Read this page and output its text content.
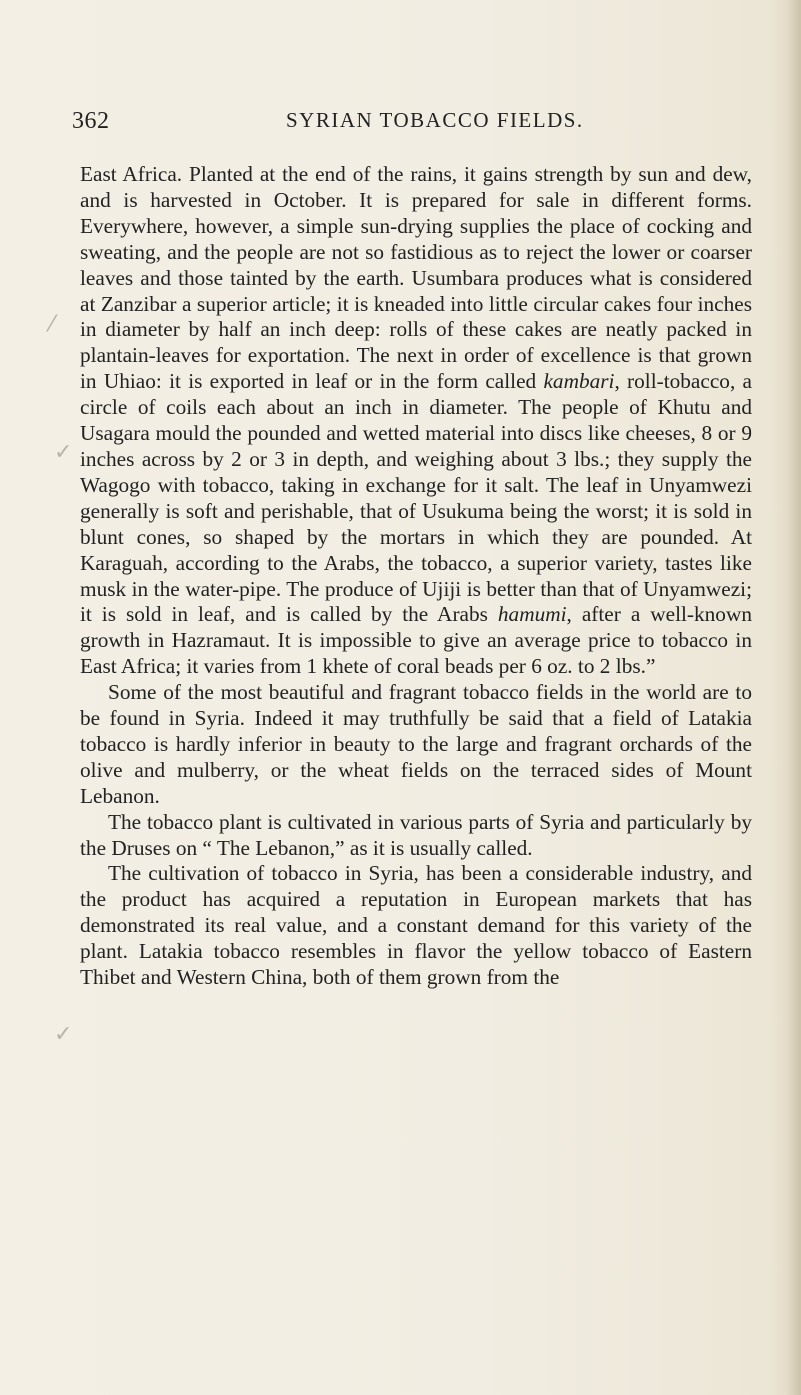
362	SYRIAN TOBACCO FIELDS.
⁄
✓
✓

East Africa. Planted at the end of the rains, it gains strength by sun and dew, and is harvested in October. It is prepared for sale in different forms. Everywhere, however, a simple sun-drying supplies the place of cocking and sweating, and the people are not so fastidious as to reject the lower or coarser leaves and those tainted by the earth. Usumbara produces what is considered at Zanzibar a superior article; it is kneaded into little circular cakes four inches in diameter by half an inch deep: rolls of these cakes are neatly packed in plantain-leaves for exportation. The next in order of excellence is that grown in Uhiao: it is exported in leaf or in the form called kambari, roll-tobacco, a circle of coils each about an inch in diameter. The people of Khutu and Usagara mould the pounded and wetted material into discs like cheeses, 8 or 9 inches across by 2 or 3 in depth, and weighing about 3 lbs.; they supply the Wagogo with tobacco, taking in exchange for it salt. The leaf in Unyamwezi generally is soft and perishable, that of Usukuma being the worst; it is sold in blunt cones, so shaped by the mortars in which they are pounded. At Karaguah, according to the Arabs, the tobacco, a superior variety, tastes like musk in the water-pipe. The produce of Ujiji is better than that of Unyamwezi; it is sold in leaf, and is called by the Arabs hamumi, after a well-known growth in Hazramaut. It is impossible to give an average price to tobacco in East Africa; it varies from 1 khete of coral beads per 6 oz. to 2 lbs.”

Some of the most beautiful and fragrant tobacco fields in the world are to be found in Syria. Indeed it may truthfully be said that a field of Latakia tobacco is hardly inferior in beauty to the large and fragrant orchards of the olive and mulberry, or the wheat fields on the terraced sides of Mount Lebanon.

The tobacco plant is cultivated in various parts of Syria and particularly by the Druses on “ The Lebanon,” as it is usually called.

The cultivation of tobacco in Syria, has been a considerable industry, and the product has acquired a reputation in European markets that has demonstrated its real value, and a constant demand for this variety of the plant. Latakia tobacco resembles in flavor the yellow tobacco of Eastern Thibet and Western China, both of them grown from the
